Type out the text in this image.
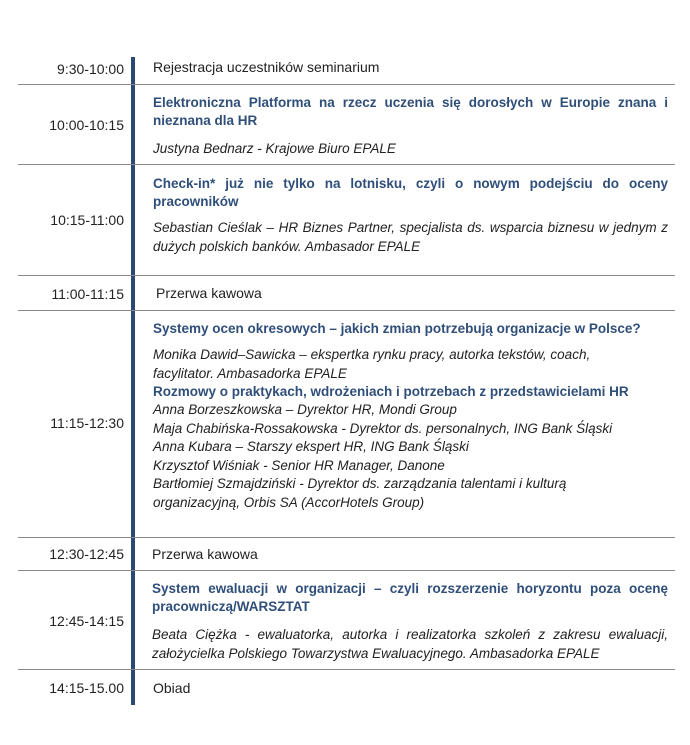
9:30-10:00 Rejestracja uczestników seminarium
10:00-10:15
Elektroniczna Platforma na rzecz uczenia się dorosłych w Europie znana i nieznana dla HR
Justyna Bednarz - Krajowe Biuro EPALE
10:15-11:00
Check-in* już nie tylko na lotnisku, czyli o nowym podejściu do oceny pracowników
Sebastian Cieślak – HR Biznes Partner, specjalista ds. wsparcia biznesu w jednym z dużych polskich banków. Ambasador EPALE
11:00-11:15 Przerwa kawowa
11:15-12:30
Systemy ocen okresowych – jakich zmian potrzebują organizacje w Polsce?
Monika Dawid–Sawicka – ekspertka rynku pracy, autorka tekstów, coach, facylitator. Ambasadorka EPALE
Rozmowy o praktykach, wdrożeniach i potrzebach z przedstawicielami HR
Anna Borzeszkowska – Dyrektor HR, Mondi Group
Maja Chabińska-Rossakowska - Dyrektor ds. personalnych, ING Bank Śląski
Anna Kubara – Starszy ekspert HR, ING Bank Śląski
Krzysztof Wiśniak - Senior HR Manager, Danone
Bartłomiej Szmajdziński - Dyrektor ds. zarządzania talentami i kulturą organizacyjną, Orbis SA (AccorHotels Group)
12:30-12:45 Przerwa kawowa
12:45-14:15
System ewaluacji w organizacji – czyli rozszerzenie horyzontu poza ocenę pracowniczą/WARSZTAT
Beata Ciężka - ewaluatorka, autorka i realizatorka szkoleń z zakresu ewaluacji, założycielka Polskiego Towarzystwa Ewaluacyjnego. Ambasadorka EPALE
14:15-15.00 Obiad
